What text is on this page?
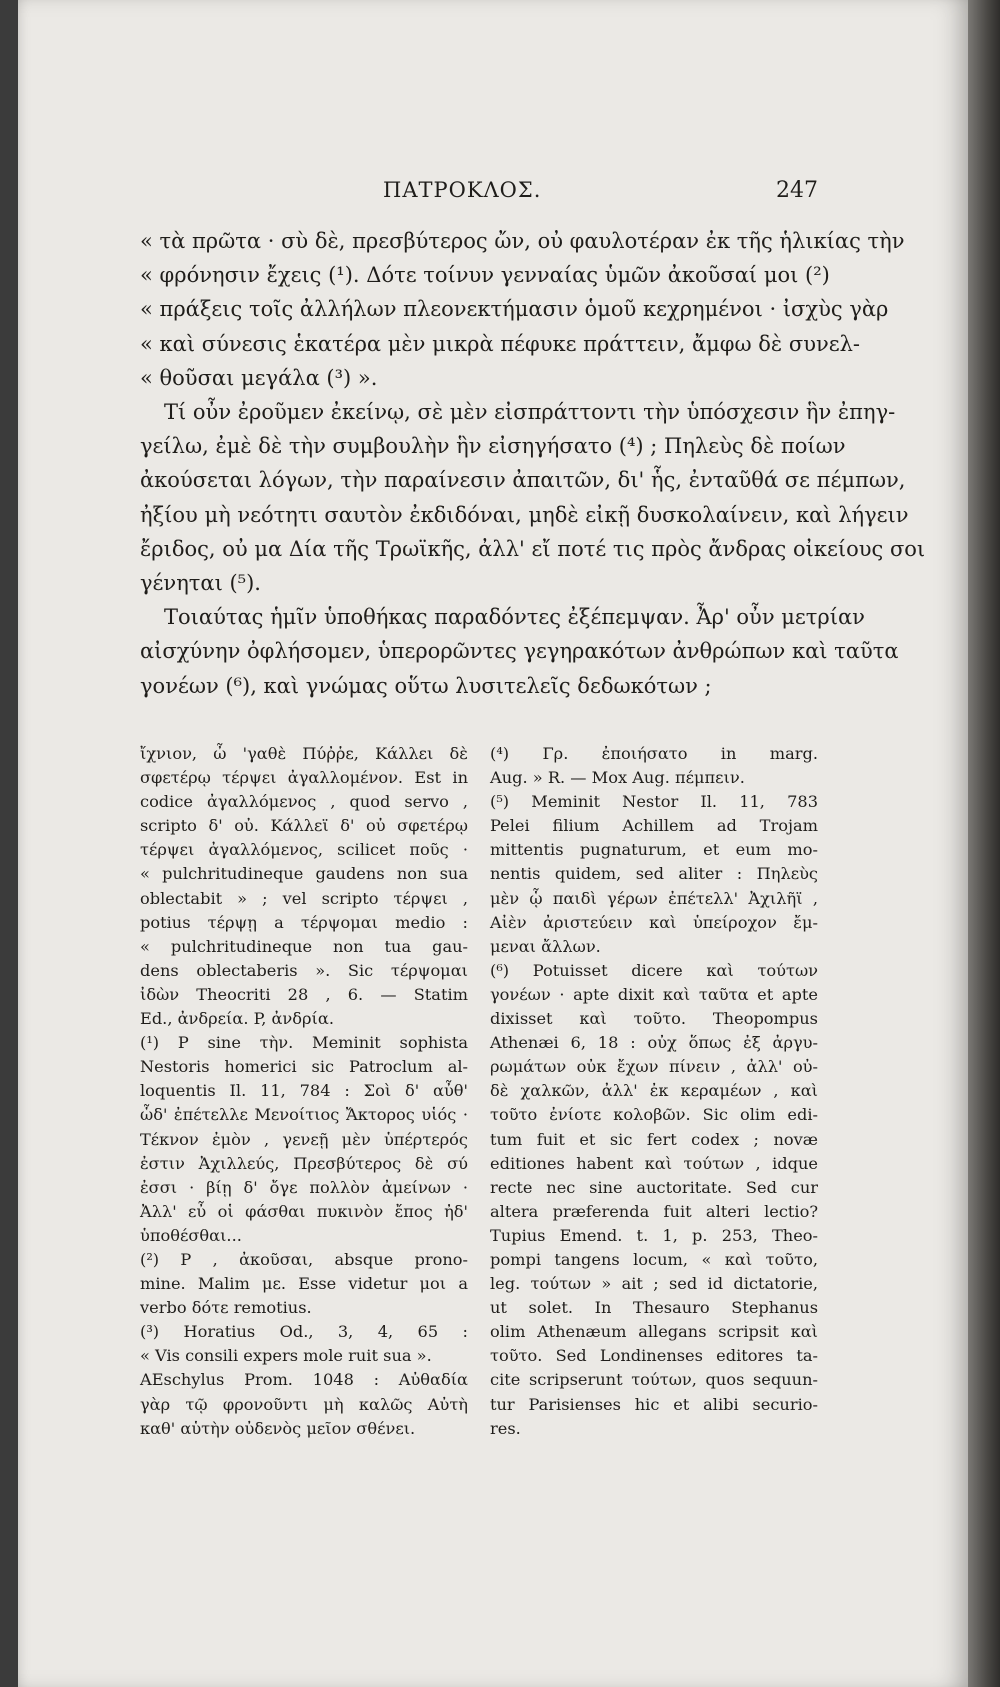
ΠΑΤΡΟΚΛΟΣ.	247
« τὰ πρῶτα · σὺ δὲ, πρεσβύτερος ὤν, οὐ φαυλοτέραν ἐκ τῆς ἡλικίας τὴν
« φρόνησιν ἔχεις (¹). Δότε τοίνυν γενναίας ὑμῶν ἀκοῦσαί μοι (²)
« πράξεις τοῖς ἀλλήλων πλεονεκτήμασιν ὁμοῦ κεχρημένοι · ἰσχὺς γὰρ
« καὶ σύνεσις ἑκατέρα μὲν μικρὰ πέφυκε πράττειν, ἄμφω δὲ συνελ-
« θοῦσαι μεγάλα (³) ».
Τί οὖν ἐροῦμεν ἐκείνῳ, σὲ μὲν εἰσπράττοντι τὴν ὑπόσχεσιν ἣν ἐπηγ-
γείλω, ἐμὲ δὲ τὴν συμβουλὴν ἣν εἰσηγήσατο (⁴) ; Πηλεὺς δὲ ποίων
ἀκούσεται λόγων, τὴν παραίνεσιν ἀπαιτῶν, δι' ἧς, ἐνταῦθά σε πέμπων,
ἠξίου μὴ νεότητι σαυτὸν ἐκδιδόναι, μηδὲ εἰκῇ δυσκολαίνειν, καὶ λήγειν
ἔριδος, οὐ μα Δία τῆς Τρωϊκῆς, ἀλλ' εἴ ποτέ τις πρὸς ἄνδρας οἰκείους σοι
γένηται (⁵).
Τοιαύτας ἡμῖν ὑποθήκας παραδόντες ἐξέπεμψαν. Ἆρ' οὖν μετρίαν
αἰσχύνην ὀφλήσομεν, ὑπερορῶντες γεγηρακότων ἀνθρώπων καὶ ταῦτα
γονέων (⁶), καὶ γνώμας οὕτω λυσιτελεῖς δεδωκότων ;
ἴχνιον, ὦ 'γαθὲ Πύῤῥε, Κάλλει δὲ
σφετέρῳ τέρψει ἀγαλλομένον. Est in
codice ἀγαλλόμενος , quod servo ,
scripto δ' οὐ. Κάλλεϊ δ' οὐ σφετέρῳ
τέρψει ἀγαλλόμενος, scilicet ποῦς ·
« pulchritudineque gaudens non sua
oblectabit » ; vel scripto τέρψει ,
potius τέρψῃ a τέρψομαι medio :
« pulchritudineque non tua gau-
dens oblectaberis ». Sic τέρψομαι
ἰδὼν Theocriti 28 , 6. — Statim
Ed., ἀνδρεία. P, ἀνδρία.
(¹) P sine τὴν. Meminit sophista
Nestoris homerici sic Patroclum al-
loquentis Il. 11, 784 : Σοὶ δ' αὖθ'
ὧδ' ἐπέτελλε Μενοίτιος Ἄκτορος υἱός ·
Τέκνον ἐμὸν , γενεῇ μὲν ὑπέρτερός
ἐστιν Ἀχιλλεύς, Πρεσβύτερος δὲ σύ
ἐσσι · βίῃ δ' ὄγε πολλὸν ἀμείνων ·
Ἀλλ' εὖ οἱ φάσθαι πυκινὸν ἔπος ἠδ'
ὑποθέσθαι...
(²) P , ἀκοῦσαι, absque prono-
mine. Malim με. Esse videtur μοι a
verbo δότε remotius.
(³) Horatius Od., 3, 4, 65 :
« Vis consili expers mole ruit sua ».
AEschylus Prom. 1048 : Αὐθαδία
γὰρ τῷ φρονοῦντι μὴ καλῶς Αὐτὴ
καθ' αὑτὴν οὐδενὸς μεῖον σθένει.
(⁴) Γρ. ἐποιήσατο in marg.
Aug. » R. — Mox Aug. πέμπειν.
(⁵) Meminit Nestor Il. 11, 783
Pelei filium Achillem ad Trojam
mittentis pugnaturum, et eum mo-
nentis quidem, sed aliter : Πηλεὺς
μὲν ᾧ παιδὶ γέρων ἐπέτελλ' Ἀχιλῆϊ ,
Αἰὲν ἀριστεύειν καὶ ὑπείροχον ἔμ-
μεναι ἄλλων.
(⁶) Potuisset dicere καὶ τούτων
γονέων · apte dixit καὶ ταῦτα et apte
dixisset καὶ τοῦτο. Theopompus
Athenæi 6, 18 : οὐχ ὅπως ἐξ ἀργυ-
ρωμάτων οὐκ ἔχων πίνειν , ἀλλ' οὐ-
δὲ χαλκῶν, ἀλλ' ἐκ κεραμέων , καὶ
τοῦτο ἐνίοτε κολοβῶν. Sic olim edi-
tum fuit et sic fert codex ; novæ
editiones habent καὶ τούτων , idque
recte nec sine auctoritate. Sed cur
altera præferenda fuit alteri lectio?
Tupius Emend. t. 1, p. 253, Theo-
pompi tangens locum, « καὶ τοῦτο,
leg. τούτων » ait ; sed id dictatorie,
ut solet. In Thesauro Stephanus
olim Athenæum allegans scripsit καὶ
τοῦτο. Sed Londinenses editores ta-
cite scripserunt τούτων, quos sequun-
tur Parisienses hic et alibi securio-
res.
